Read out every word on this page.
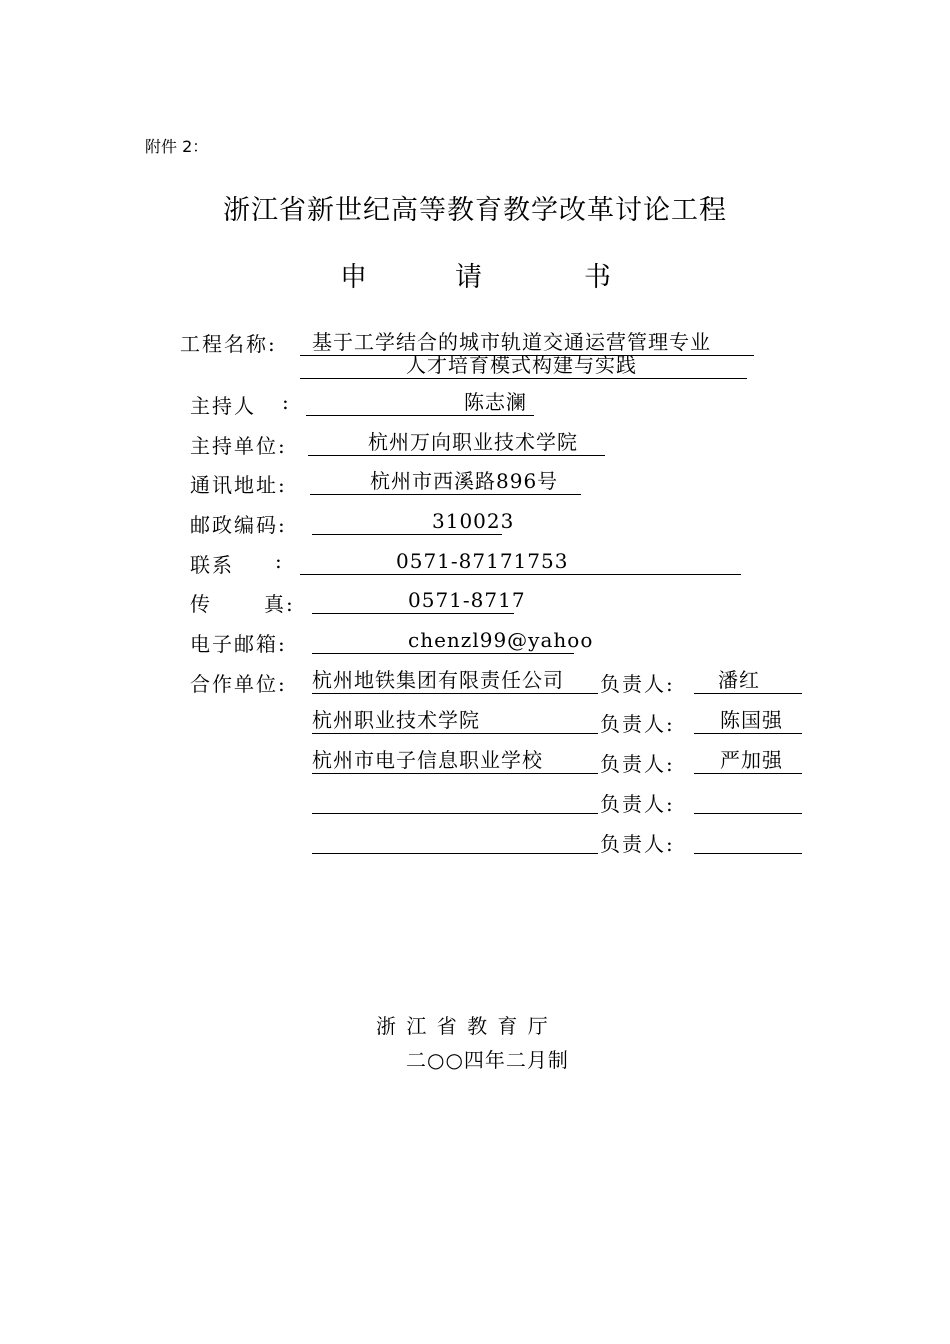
附件 2：
浙江省新世纪高等教育教学改革讨论工程
申	请	书
工程名称: 基于工学结合的城市轨道交通运营管理专业
人才培育模式构建与实践
主持人 :	陈志澜
主持单位:	杭州万向职业技术学院
通讯地址:	杭州市西溪路896号
邮政编码:	310023
联系 :	0571-87171753
传	真:	0571-8717
电子邮箱:	chenzl99@yahoo
合作单位: 杭州地铁集团有限责任公司 负责人: 潘红
杭州职业技术学院	负责人: 陈国强
杭州市电子信息职业学校	负责人: 严加强
负责人:
负责人:
浙 江 省 教 育 厅
二○○四年二月制
